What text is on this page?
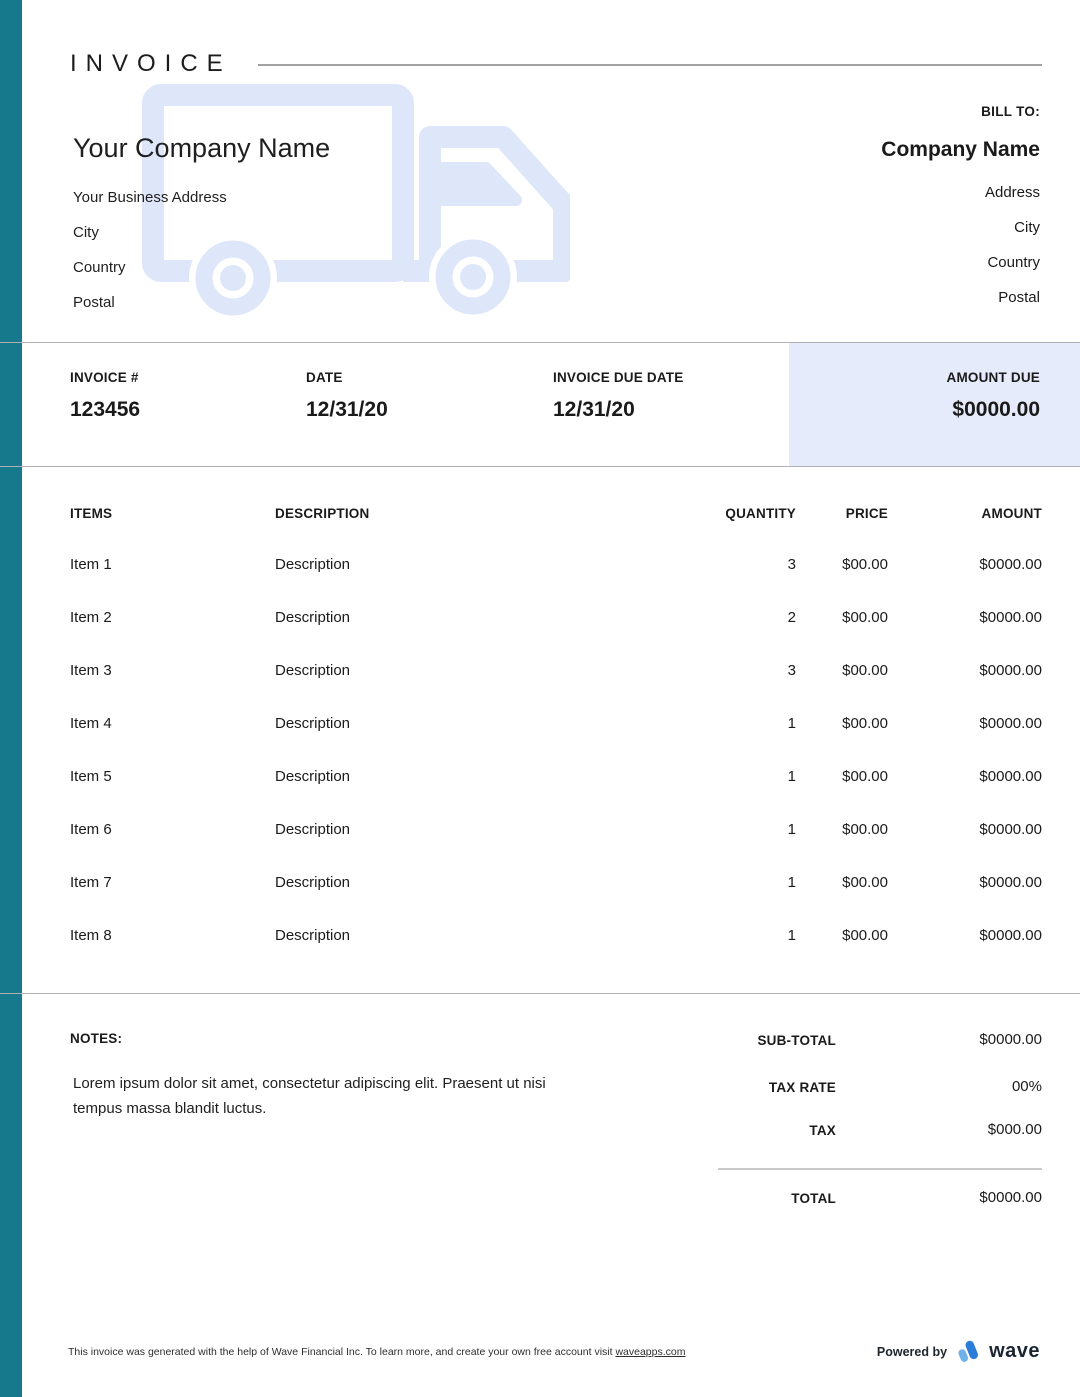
INVOICE
Your Company Name

Your Business Address

City

Country

Postal

BILL TO:
Company Name

Address

City

Country

Postal

INVOICE #
123456
DATE
12/31/20
INVOICE DUE DATE
12/31/20
AMOUNT DUE
$0000.00
ITEMS	DESCRIPTION	QUANTITY	PRICE	AMOUNT
Item 1	Description	3	$00.00	$0000.00
Item 2	Description	2	$00.00	$0000.00
Item 3	Description	3	$00.00	$0000.00
Item 4	Description	1	$00.00	$0000.00
Item 5	Description	1	$00.00	$0000.00
Item 6	Description	1	$00.00	$0000.00
Item 7	Description	1	$00.00	$0000.00
Item 8	Description	1	$00.00	$0000.00
NOTES:
Lorem ipsum dolor sit amet, consectetur adipiscing elit. Praesent ut nisi tempus massa blandit luctus.
SUB-TOTAL	$0000.00
TAX RATE	00%
TAX	$000.00
TOTAL	$0000.00
This invoice was generated with the help of Wave Financial Inc. To learn more, and create your own free account visit waveapps.com	Powered by wave
